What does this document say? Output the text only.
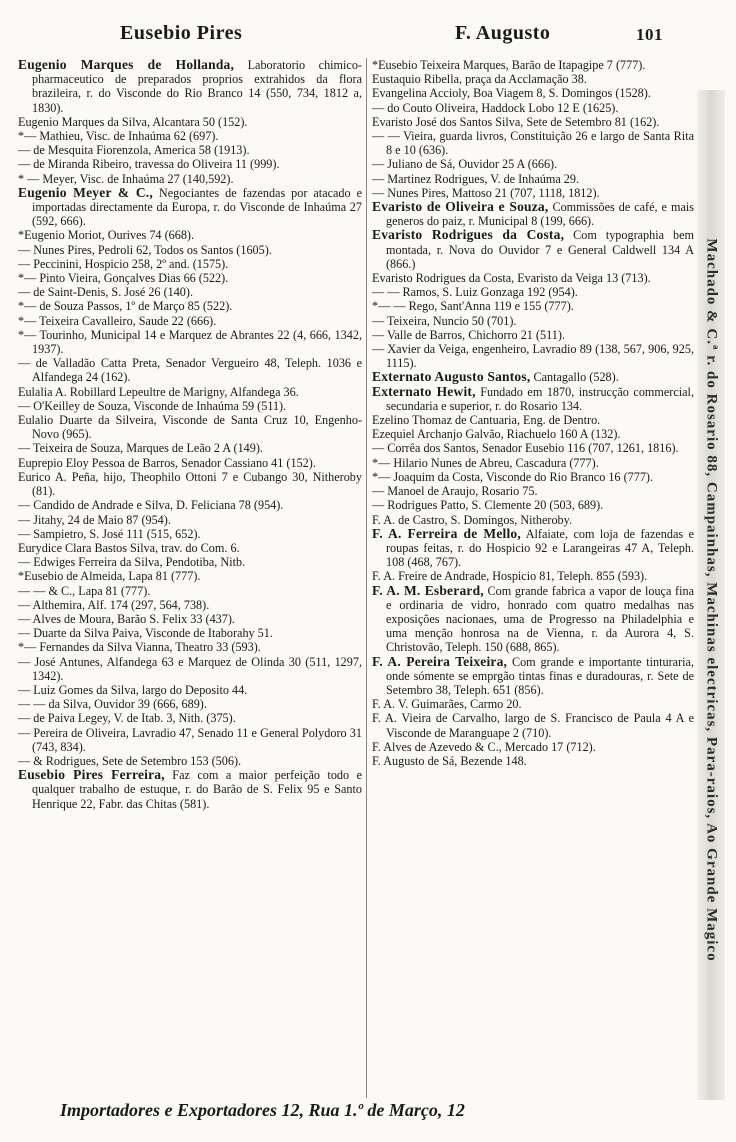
Eusebio Pires	F. Augusto	101

Eugenio Marques de Hollanda, Laboratorio chimico-pharmaceutico de preparados proprios extrahidos da flora brazileira, r. do Visconde do Rio Branco 14 (550, 734, 1812 a, 1830).

Eugenio Marques da Silva, Alcantara 50 (152).

*— Mathieu, Visc. de Inhaúma 62 (697).

— de Mesquita Fiorenzola, America 58 (1913).

— de Miranda Ribeiro, travessa do Oliveira 11 (999).

* — Meyer, Visc. de Inhaúma 27 (140,592).

Eugenio Meyer & C., Negociantes de fazendas por atacado e importadas directamente da Europa, r. do Visconde de Inhaúma 27 (592, 666).

*Eugenio Moriot, Ourives 74 (668).

— Nunes Pires, Pedroli 62, Todos os Santos (1605).

— Peccinini, Hospicio 258, 2º and. (1575).

*— Pinto Vieira, Gonçalves Dias 66 (522).

— de Saint-Denis, S. José 26 (140).

*— de Souza Passos, 1º de Março 85 (522).

*— Teixeira Cavalleiro, Saude 22 (666).

*— Tourinho, Municipal 14 e Marquez de Abrantes 22 (4, 666, 1342, 1937).

— de Valladão Catta Preta, Senador Vergueiro 48, Teleph. 1036 e Alfandega 24 (162).

Eulalia A. Robillard Lepeultre de Marigny, Alfandega 36.

— O'Keilley de Souza, Visconde de Inhaúma 59 (511).

Eulalio Duarte da Silveira, Visconde de Santa Cruz 10, Engenho-Novo (965).

— Teixeira de Souza, Marques de Leão 2 A (149).

Euprepio Eloy Pessoa de Barros, Senador Cassiano 41 (152).

Eurico A. Peña, hijo, Theophilo Ottoni 7 e Cubango 30, Nitheroby (81).

— Candido de Andrade e Silva, D. Feliciana 78 (954).

— Jitahy, 24 de Maio 87 (954).

— Sampietro, S. José 111 (515, 652).

Eurydice Clara Bastos Silva, trav. do Com. 6.

— Edwiges Ferreira da Silva, Pendotiba, Nitb.

*Eusebio de Almeida, Lapa 81 (777).

— — & C., Lapa 81 (777).

— Althemira, Alf. 174 (297, 564, 738).

— Alves de Moura, Barão S. Felix 33 (437).

— Duarte da Silva Paiva, Visconde de Itaborahy 51.

*— Fernandes da Silva Vianna, Theatro 33 (593).

— José Antunes, Alfandega 63 e Marquez de Olinda 30 (511, 1297, 1342).

— Luiz Gomes da Silva, largo do Deposito 44.

— — da Silva, Ouvidor 39 (666, 689).

— de Paiva Legey, V. de Itab. 3, Nith. (375).

— Pereira de Oliveira, Lavradio 47, Senado 11 e General Polydoro 31 (743, 834).

— & Rodrigues, Sete de Setembro 153 (506).

Eusebio Pires Ferreira, Faz com a maior perfeição todo e qualquer trabalho de estuque, r. do Barão de S. Felix 95 e Santo Henrique 22, Fabr. das Chitas (581).

*Eusebio Teixeira Marques, Barão de Itapagipe 7 (777).

Eustaquio Ribella, praça da Acclamação 38.

Evangelina Accioly, Boa Viagem 8, S. Domingos (1528).

— do Couto Oliveira, Haddock Lobo 12 E (1625).

Evaristo José dos Santos Silva, Sete de Setembro 81 (162).

— — Vieira, guarda livros, Constituição 26 e largo de Santa Rita 8 e 10 (636).

— Juliano de Sá, Ouvidor 25 A (666).

— Martinez Rodrigues, V. de Inhaúma 29.

— Nunes Pires, Mattoso 21 (707, 1118, 1812).

Evaristo de Oliveira e Souza, Commissões de café, e mais generos do paiz, r. Municipal 8 (199, 666).

Evaristo Rodrigues da Costa, Com typographia bem montada, r. Nova do Ouvidor 7 e General Caldwell 134 A (866.)

Evaristo Rodrigues da Costa, Evaristo da Veiga 13 (713).

— — Ramos, S. Luiz Gonzaga 192 (954).

*— — Rego, Sant'Anna 119 e 155 (777).

— Teixeira, Nuncio 50 (701).

— Valle de Barros, Chichorro 21 (511).

— Xavier da Veiga, engenheiro, Lavradio 89 (138, 567, 906, 925, 1115).

Externato Augusto Santos, Cantagallo (528).

Externato Hewit, Fundado em 1870, instrucção commercial, secundaria e superior, r. do Rosario 134.

Ezelino Thomaz de Cantuaria, Eng. de Dentro.

Ezequiel Archanjo Galvão, Riachuelo 160 A (132).

— Corrêa dos Santos, Senador Eusebio 116 (707, 1261, 1816).

*— Hilario Nunes de Abreu, Cascadura (777).

*— Joaquim da Costa, Visconde do Rio Branco 16 (777).

— Manoel de Araujo, Rosario 75.

— Rodrigues Patto, S. Clemente 20 (503, 689).

F. A. de Castro, S. Domingos, Nitheroby.

F. A. Ferreira de Mello, Alfaiate, com loja de fazendas e roupas feitas, r. do Hospicio 92 e Larangeiras 47 A, Teleph. 108 (468, 767).

F. A. Freire de Andrade, Hospicio 81, Teleph. 855 (593).

F. A. M. Esberard, Com grande fabrica a vapor de louça fina e ordinaria de vidro, honrado com quatro medalhas nas exposições nacionaes, uma de Progresso na Philadelphia e uma menção honrosa na de Vienna, r. da Aurora 4, S. Christovão, Teleph. 150 (688, 865).

F. A. Pereira Teixeira, Com grande e importante tinturaria, onde sómente se emprgão tintas finas e duradouras, r. Sete de Setembro 38, Teleph. 651 (856).

F. A. V. Guimarães, Carmo 20.

F. A. Vieira de Carvalho, largo de S. Francisco de Paula 4 A e Visconde de Maranguape 2 (710).

F. Alves de Azevedo & C., Mercado 17 (712).

F. Augusto de Sá, Bezende 148.	Machado & C.ª r. do Rosario 88, Campainhas, Machinas electricas, Para-raios, Ao Grande Magico
Importadores e Exportadores 12, Rua 1.º de Março, 12
